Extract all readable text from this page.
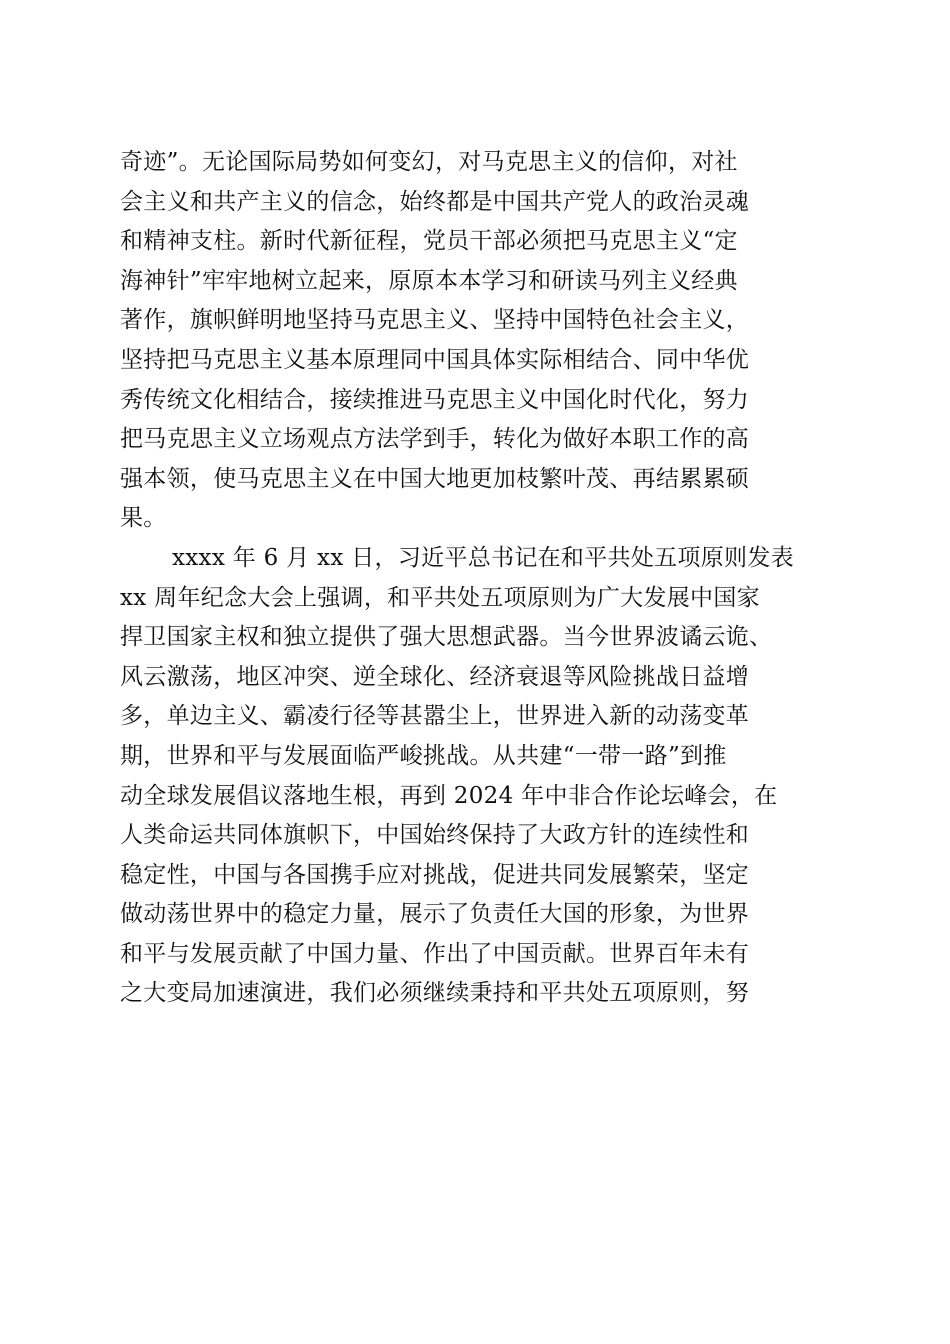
奇迹”。无论国际局势如何变幻，对马克思主义的信仰，对社
会主义和共产主义的信念，始终都是中国共产党人的政治灵魂
和精神支柱。新时代新征程，党员干部必须把马克思主义“定
海神针”牢牢地树立起来，原原本本学习和研读马列主义经典
著作，旗帜鲜明地坚持马克思主义、坚持中国特色社会主义，
坚持把马克思主义基本原理同中国具体实际相结合、同中华优
秀传统文化相结合，接续推进马克思主义中国化时代化，努力
把马克思主义立场观点方法学到手，转化为做好本职工作的高
强本领，使马克思主义在中国大地更加枝繁叶茂、再结累累硕
果。
xxxx 年 6 月 xx 日，习近平总书记在和平共处五项原则发表
xx 周年纪念大会上强调，和平共处五项原则为广大发展中国家
捍卫国家主权和独立提供了强大思想武器。当今世界波谲云诡、
风云激荡，地区冲突、逆全球化、经济衰退等风险挑战日益增
多，单边主义、霸凌行径等甚嚣尘上，世界进入新的动荡变革
期，世界和平与发展面临严峻挑战。从共建“一带一路”到推
动全球发展倡议落地生根，再到 2024 年中非合作论坛峰会，在
人类命运共同体旗帜下，中国始终保持了大政方针的连续性和
稳定性，中国与各国携手应对挑战，促进共同发展繁荣，坚定
做动荡世界中的稳定力量，展示了负责任大国的形象，为世界
和平与发展贡献了中国力量、作出了中国贡献。世界百年未有
之大变局加速演进，我们必须继续秉持和平共处五项原则，努
